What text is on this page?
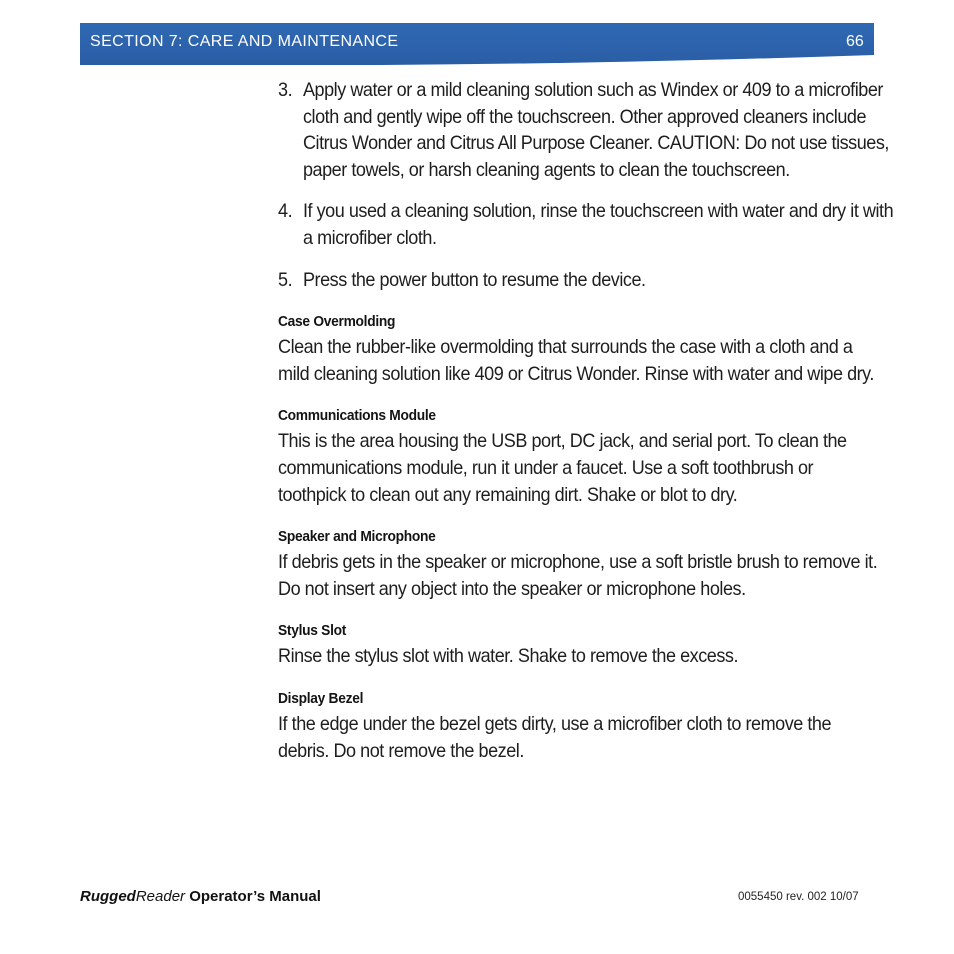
SECTION 7: CARE AND MAINTENANCE	66
3. Apply water or a mild cleaning solution such as Windex or 409 to a microfiber cloth and gently wipe off the touchscreen. Other approved cleaners include Citrus Wonder and Citrus All Purpose Cleaner. CAUTION: Do not use tissues, paper towels, or harsh cleaning agents to clean the touchscreen.
4. If you used a cleaning solution, rinse the touchscreen with water and dry it with a microfiber cloth.
5. Press the power button to resume the device.
Case Overmolding
Clean the rubber-like overmolding that surrounds the case with a cloth and a mild cleaning solution like 409 or Citrus Wonder. Rinse with water and wipe dry.
Communications Module
This is the area housing the USB port, DC jack, and serial port. To clean the communications module, run it under a faucet. Use a soft toothbrush or toothpick to clean out any remaining dirt. Shake or blot to dry.
Speaker and Microphone
If debris gets in the speaker or microphone, use a soft bristle brush to remove it. Do not insert any object into the speaker or microphone holes.
Stylus Slot
Rinse the stylus slot with water. Shake to remove the excess.
Display Bezel
If the edge under the bezel gets dirty, use a microfiber cloth to remove the debris. Do not remove the bezel.
RuggedReader Operator’s Manual	0055450 rev. 002 10/07
